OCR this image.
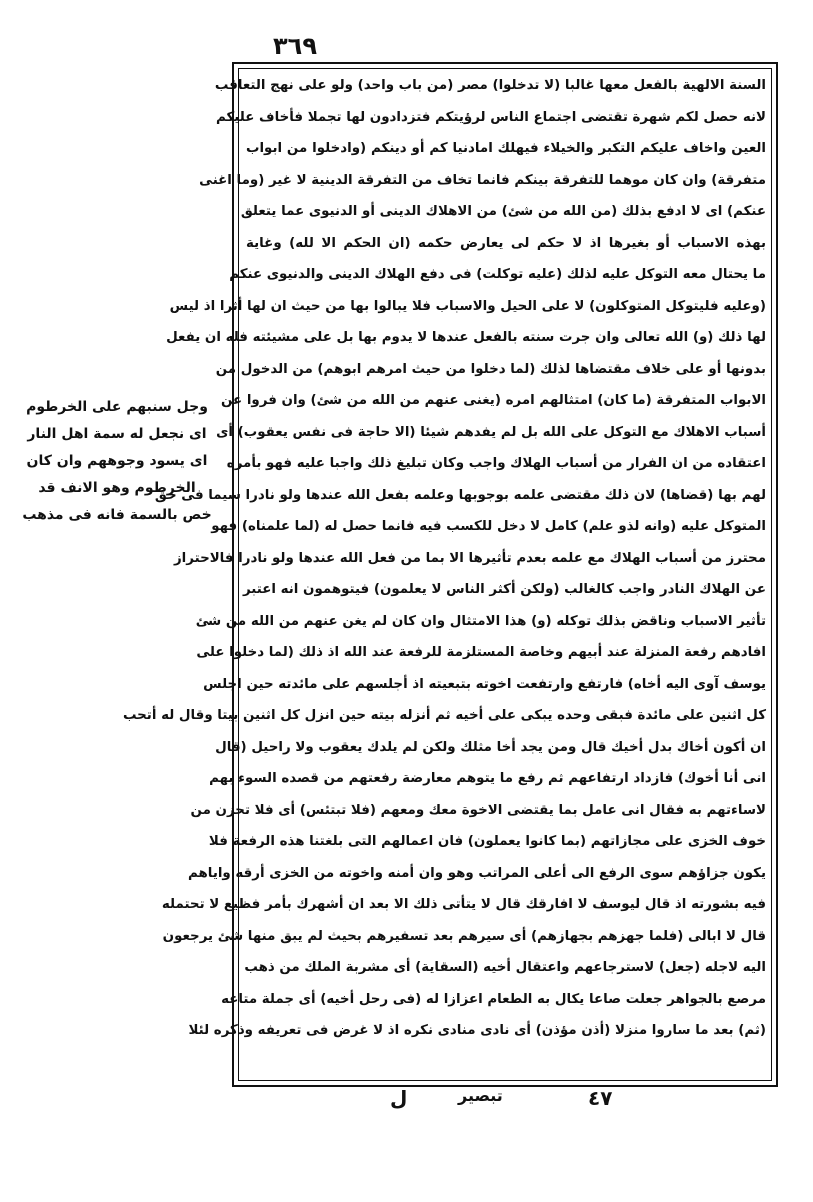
٣٦٩
السنة الالهية بالفعل معها غالبا (لا تدخلوا) مصر (من باب واحد) ولو على نهج التعاقب
لانه حصل لكم شهرة تقتضى اجتماع الناس لرؤيتكم فتزدادون لها تجملا فأخاف عليكم
العين واخاف عليكم التكبر والخيلاء فيهلك امادنيا كم أو دينكم (وادخلوا من ابواب
متفرقة) وان كان موهما للتفرقة بينكم فانما تخاف من التفرقة الدينية لا غير (وما اغنى
عنكم) اى لا ادفع بذلك (من الله من شئ) من الاهلاك الدينى أو الدنيوى عما يتعلق
بهذه الاسباب أو بغيرها اذ لا حكم لى يعارض حكمه (ان الحكم الا لله) وغاية
ما يحتال معه التوكل عليه لذلك (عليه توكلت) فى دفع الهلاك الدينى والدنيوى عنكم
(وعليه فليتوكل المتوكلون) لا على الحيل والاسباب فلا يبالوا بها من حيث ان لها أثرا اذ ليس
لها ذلك (و) الله تعالى وان جرت سنته بالفعل عندها لا يدوم بها بل على مشيئته فله ان يفعل
بدونها أو على خلاف مقتضاها لذلك (لما دخلوا من حيث امرهم ابوهم) من الدخول من
الابواب المتفرقة (ما كان) امتثالهم امره (يغنى عنهم من الله من شئ) وان فروا عن
أسباب الاهلاك مع التوكل على الله بل لم يفدهم شيئا (الا حاجة فى نفس يعقوب) أى
اعتقاده من ان الفرار من أسباب الهلاك واجب وكان تبليغ ذلك واجبا عليه فهو بأمره
لهم بها (قضاها) لان ذلك مقتضى علمه بوجوبها وعلمه بفعل الله عندها ولو نادرا سيما فى حق
المتوكل عليه (وانه لذو علم) كامل لا دخل للكسب فيه فانما حصل له (لما علمناه) فهو
محترز من أسباب الهلاك مع علمه بعدم تأثيرها الا بما من فعل الله عندها ولو نادرا فالاحتراز
عن الهلاك النادر واجب كالغالب (ولكن أكثر الناس لا يعلمون) فيتوهمون انه اعتبر
تأثير الاسباب وناقض بذلك توكله (و) هذا الامتثال وان كان لم يغن عنهم من الله من شئ
افادهم رفعة المنزلة عند أبيهم وخاصة المستلزمة للرفعة عند الله اذ ذلك (لما دخلوا على
يوسف آوى اليه أخاه) فارتفع وارتفعت اخوته بتبعيته اذ أجلسهم على مائدته حين اجلس
كل اثنين على مائدة فبقى وحده يبكى على أخيه ثم أنزله بيته حين انزل كل اثنين بيتا وقال له أتحب
ان أكون أخاك بدل أخيك قال ومن يجد أخا مثلك ولكن لم يلدك يعقوب ولا راحيل (قال
انى أنا أخوك) فازداد ارتفاعهم ثم رفع ما يتوهم معارضة رفعتهم من قصده السوء بهم
لاساءتهم به فقال انى عامل بما يقتضى الاخوة معك ومعهم (فلا تبتئس) أى فلا تحزن من
خوف الخزى على مجازاتهم (بما كانوا يعملون) فان اعمالهم التى بلغتنا هذه الرفعة فلا
يكون جزاؤهم سوى الرفع الى أعلى المراتب وهو وان أمنه واخوته من الخزى أرقه واياهم
فيه بشورته اذ قال ليوسف لا افارقك قال لا يتأتى ذلك الا بعد ان أشهرك بأمر فظيع لا تحتمله
قال لا ابالى (فلما جهزهم بجهازهم) أى سيرهم بعد تسفيرهم بحيث لم يبق منها شئ يرجعون
اليه لاجله (جعل) لاسترجاعهم واعتقال أخيه (السقاية) أى مشربة الملك من ذهب
مرصع بالجواهر جعلت صاعا يكال به الطعام اعزازا له (فى رحل أخيه) أى جملة متاعه
(ثم) بعد ما ساروا منزلا (أذن مؤذن) أى نادى منادى نكره اذ لا غرض فى تعريفه وذكره لئلا
وجل سنبهم على الخرطوم
اى نجعل له سمة اهل النار
اى يسود وجوههم وان كان
الخرطوم وهو الانف قد
خص بالسمة فانه فى مذهب
٤٧
تبصير
ل
